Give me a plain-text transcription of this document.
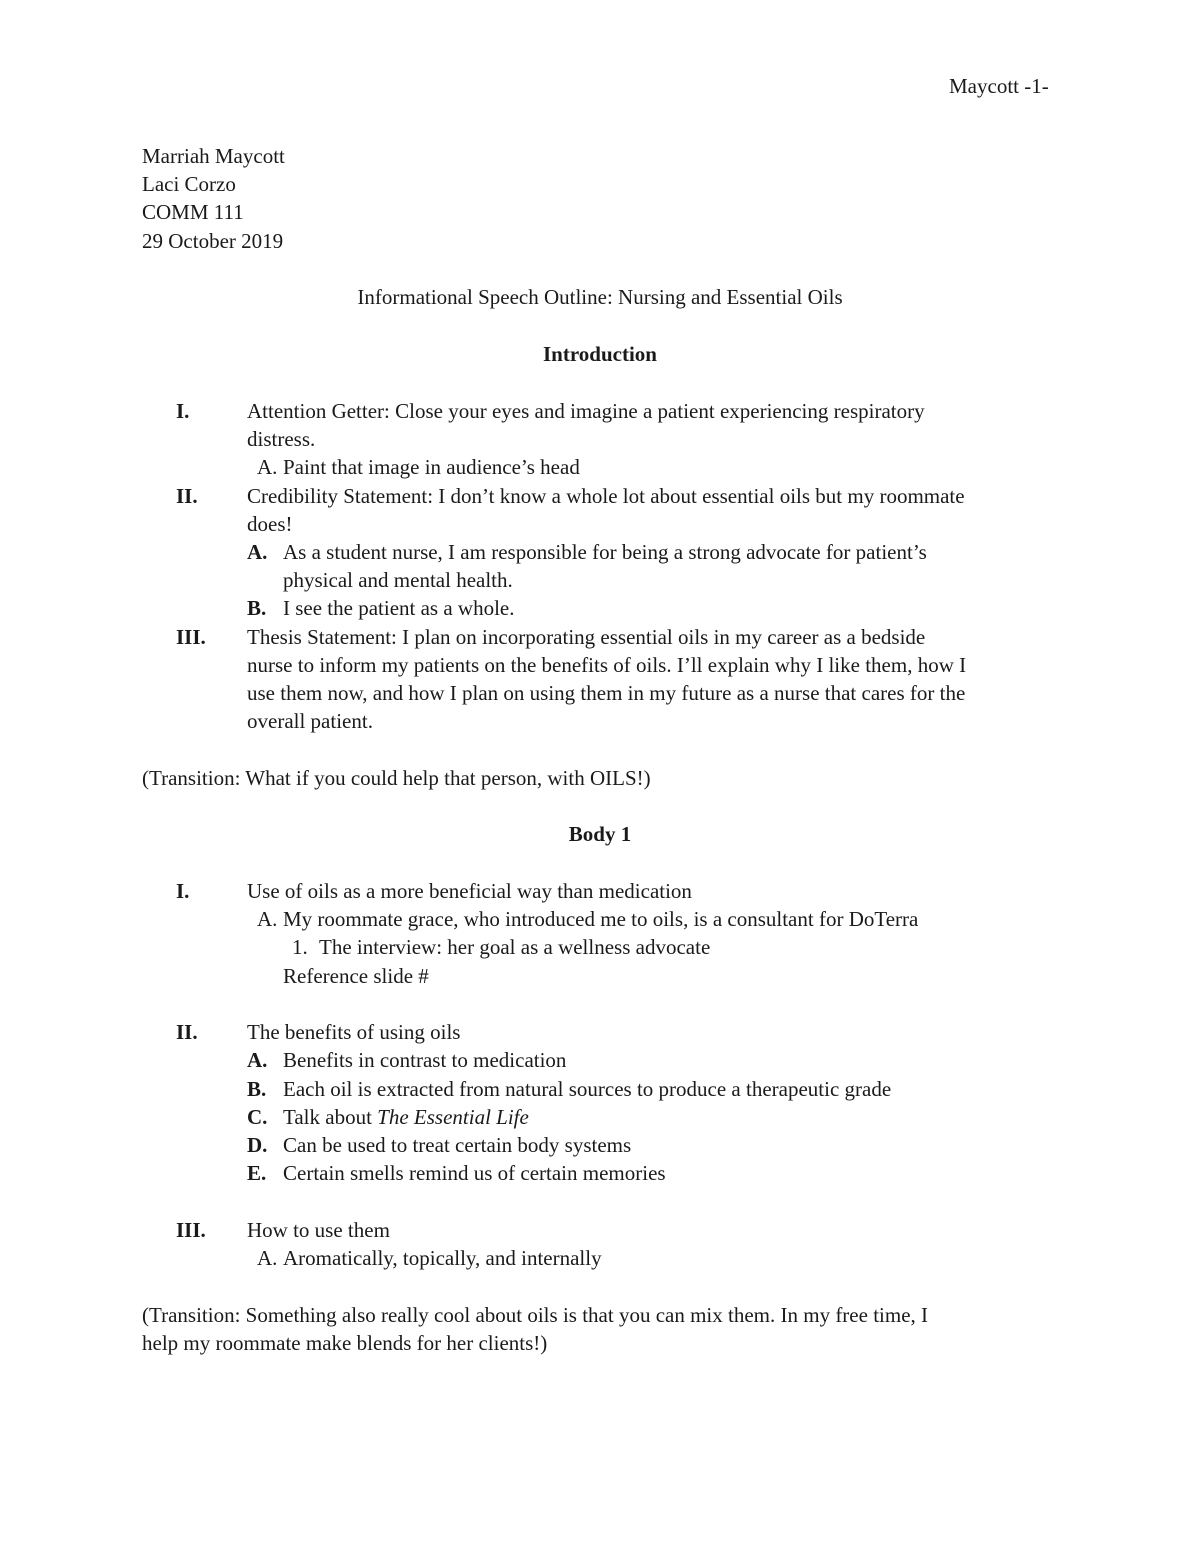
Maycott -1-
Marriah Maycott
Laci Corzo
COMM 111
29 October 2019
Informational Speech Outline: Nursing and Essential Oils
Introduction
I.	Attention Getter: Close your eyes and imagine a patient experiencing respiratory
distress.
A. Paint that image in audience’s head
II. Credibility Statement: I don’t know a whole lot about essential oils but my roommate
does!
A. As a student nurse, I am responsible for being a strong advocate for patient’s
physical and mental health.
B. I see the patient as a whole.
III. Thesis Statement: I plan on incorporating essential oils in my career as a bedside
nurse to inform my patients on the benefits of oils. I’ll explain why I like them, how I
use them now, and how I plan on using them in my future as a nurse that cares for the
overall patient.
(Transition: What if you could help that person, with OILS!)
Body 1
I.	Use of oils as a more beneficial way than medication
A. My roommate grace, who introduced me to oils, is a consultant for DoTerra
1. The interview: her goal as a wellness advocate
Reference slide #
II. The benefits of using oils
A. Benefits in contrast to medication
B. Each oil is extracted from natural sources to produce a therapeutic grade
C. Talk about The Essential Life
D. Can be used to treat certain body systems
E. Certain smells remind us of certain memories
III. How to use them
A. Aromatically, topically, and internally
(Transition: Something also really cool about oils is that you can mix them. In my free time, I
help my roommate make blends for her clients!)
